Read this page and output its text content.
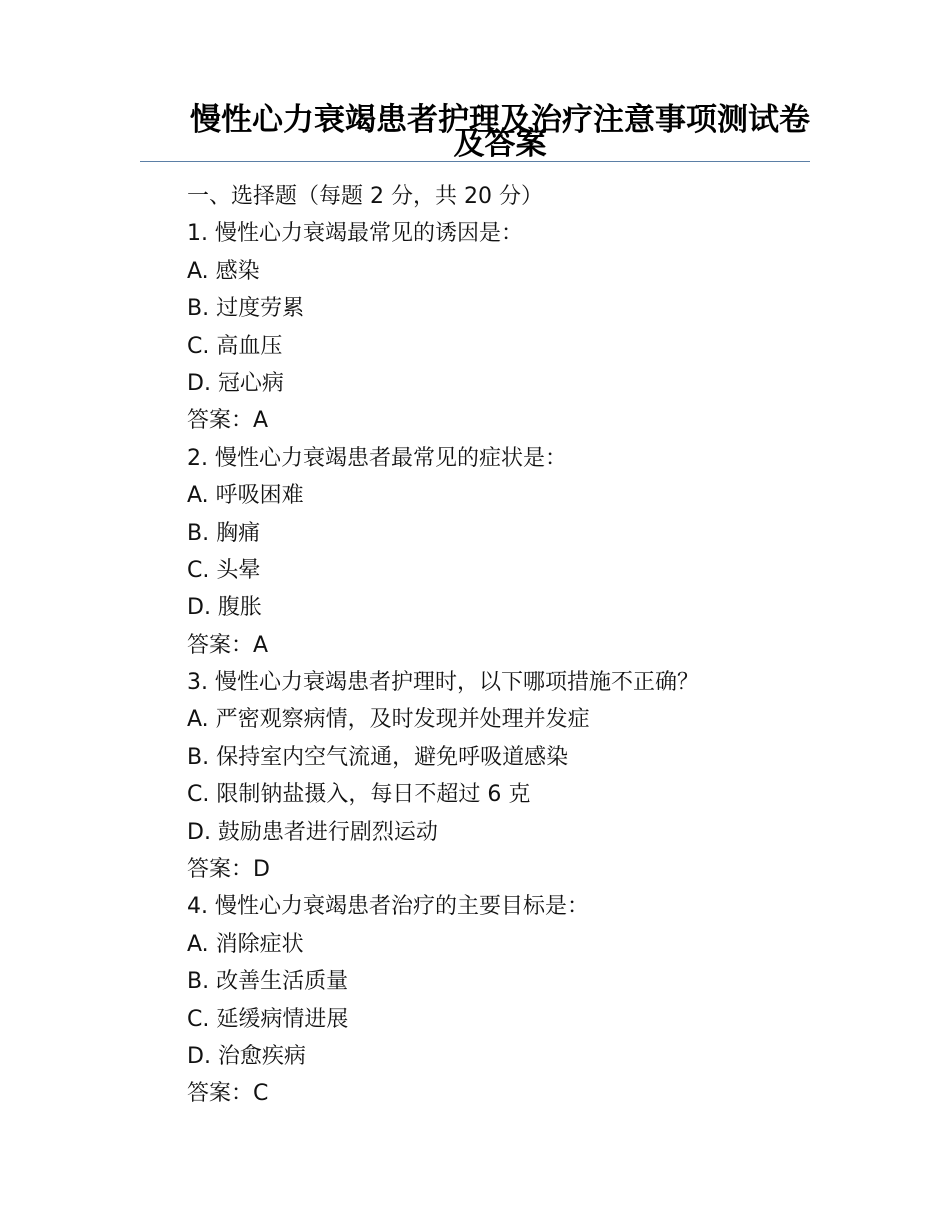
慢性心力衰竭患者护理及治疗注意事项测试卷及答案
一、选择题（每题 2 分，共 20 分）
1. 慢性心力衰竭最常见的诱因是：
A. 感染
B. 过度劳累
C. 高血压
D. 冠心病
答案：A
2. 慢性心力衰竭患者最常见的症状是：
A. 呼吸困难
B. 胸痛
C. 头晕
D. 腹胀
答案：A
3. 慢性心力衰竭患者护理时，以下哪项措施不正确？
A. 严密观察病情，及时发现并处理并发症
B. 保持室内空气流通，避免呼吸道感染
C. 限制钠盐摄入，每日不超过 6 克
D. 鼓励患者进行剧烈运动
答案：D
4. 慢性心力衰竭患者治疗的主要目标是：
A. 消除症状
B. 改善生活质量
C. 延缓病情进展
D. 治愈疾病
答案：C
